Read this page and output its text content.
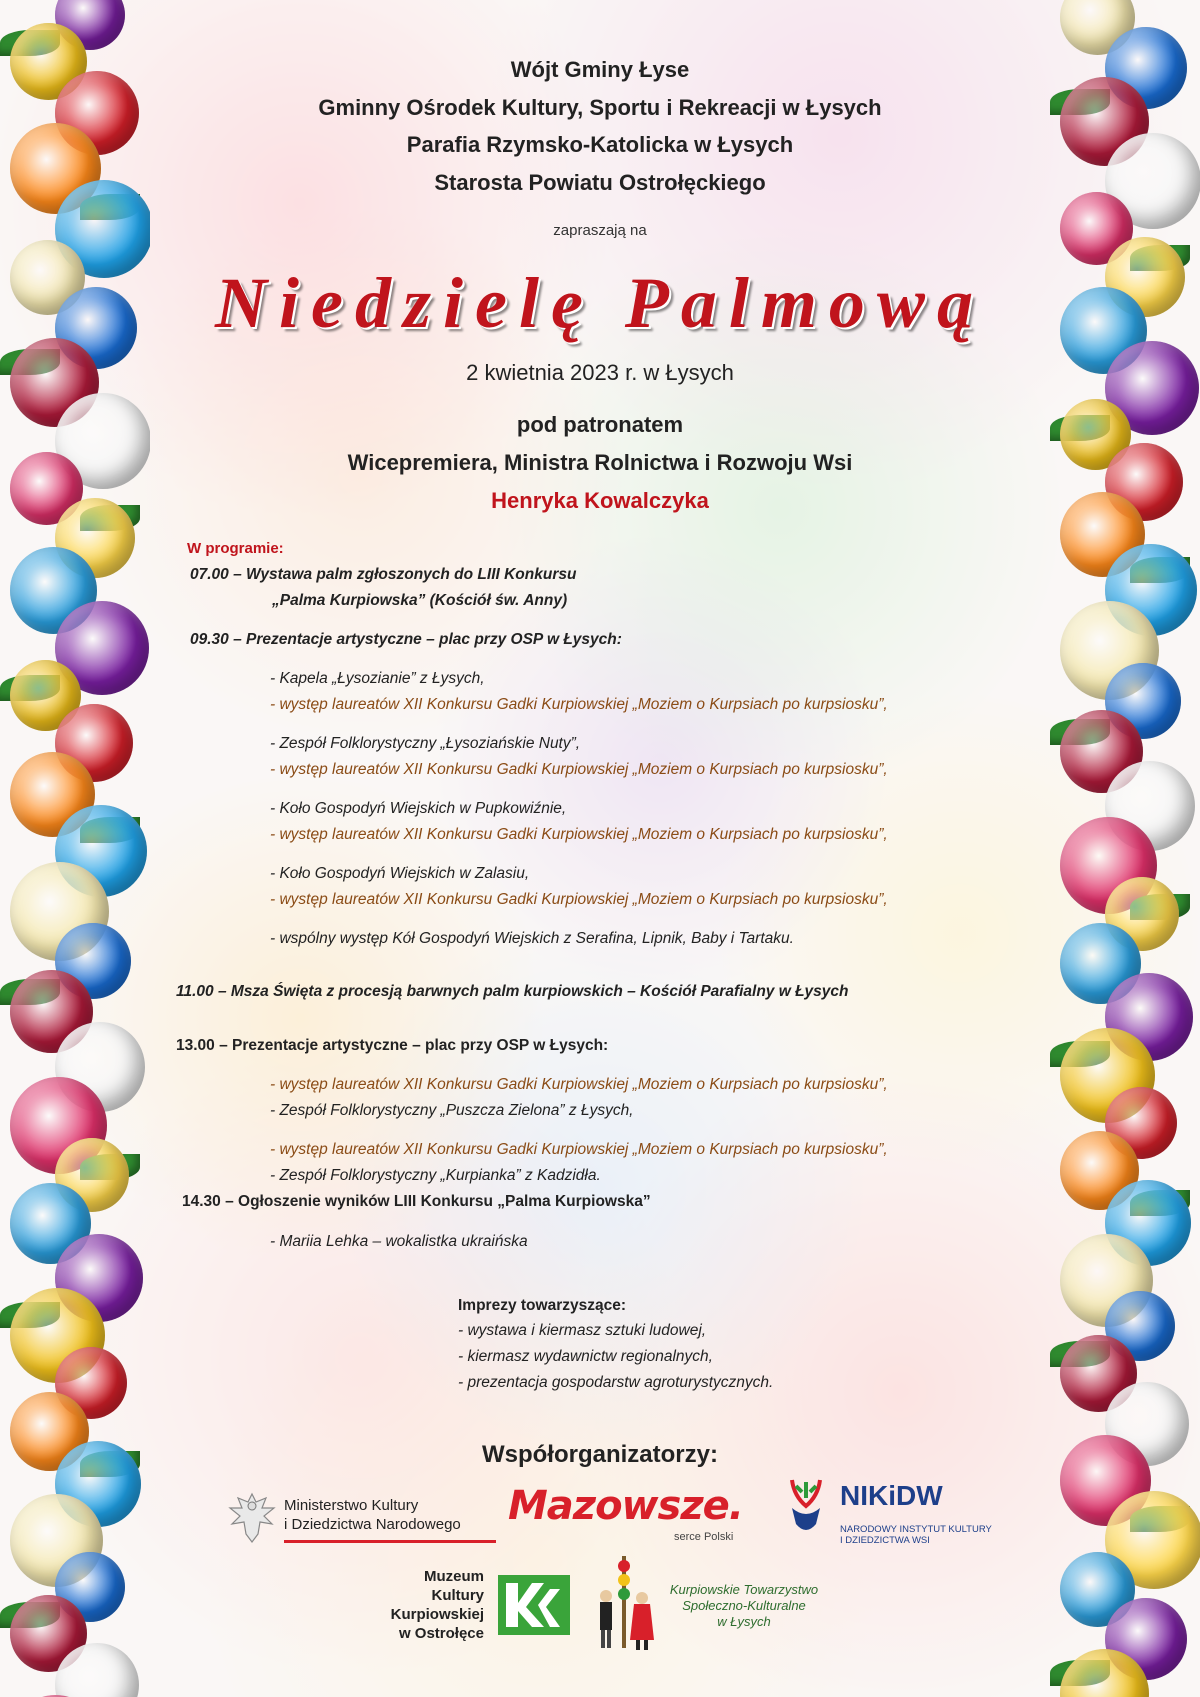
Wójt Gminy Łyse
Gminny Ośrodek Kultury, Sportu i Rekreacji w Łysych
Parafia Rzymsko-Katolicka w Łysych
Starosta Powiatu Ostrołęckiego
zapraszają na
Niedzielę Palmową
2 kwietnia 2023 r. w Łysych
pod patronatem
Wicepremiera, Ministra Rolnictwa i Rozwoju Wsi
Henryka Kowalczyka
W programie:
07.00 – Wystawa palm zgłoszonych do LIII Konkursu
„Palma Kurpiowska” (Kościół św. Anny)
09.30 – Prezentacje artystyczne – plac przy OSP w Łysych:
- Kapela „Łysozianie” z Łysych,
- występ laureatów XII Konkursu Gadki Kurpiowskiej „Moziem o Kurpsiach po kurpsiosku”,
- Zespół Folklorystyczny „Łysoziańskie Nuty”,
- występ laureatów XII Konkursu Gadki Kurpiowskiej „Moziem o Kurpsiach po kurpsiosku”,
- Koło Gospodyń Wiejskich w Pupkowiźnie,
- występ laureatów XII Konkursu Gadki Kurpiowskiej „Moziem o Kurpsiach po kurpsiosku”,
- Koło Gospodyń Wiejskich w Zalasiu,
- występ laureatów XII Konkursu Gadki Kurpiowskiej „Moziem o Kurpsiach po kurpsiosku”,
- wspólny występ Kół Gospodyń Wiejskich z Serafina, Lipnik, Baby i Tartaku.
11.00 – Msza Święta z procesją barwnych palm kurpiowskich – Kościół Parafialny w Łysych
13.00 – Prezentacje artystyczne – plac przy OSP w Łysych:
- występ laureatów XII Konkursu Gadki Kurpiowskiej „Moziem o Kurpsiach po kurpsiosku”,
- Zespół Folklorystyczny „Puszcza Zielona” z Łysych,
- występ laureatów XII Konkursu Gadki Kurpiowskiej „Moziem o Kurpsiach po kurpsiosku”,
- Zespół Folklorystyczny „Kurpianka” z Kadzidła.
14.30 – Ogłoszenie wyników LIII Konkursu „Palma Kurpiowska”
- Mariia Lehka – wokalistka ukraińska
Imprezy towarzyszące:
- wystawa i kiermasz sztuki ludowej,
- kiermasz wydawnictw regionalnych,
- prezentacja gospodarstw agroturystycznych.
Współorganizatorzy:
Ministerstwo Kultury
i Dziedzictwa Narodowego Mazowsze.
serce Polski
NIKiDW
NARODOWY INSTYTUT KULTURY
I DZIEDZICTWA WSI
Muzeum
Kultury
Kurpiowskiej
w Ostrołęce
Kurpiowskie Towarzystwo
Społeczno-Kulturalne
w Łysych
